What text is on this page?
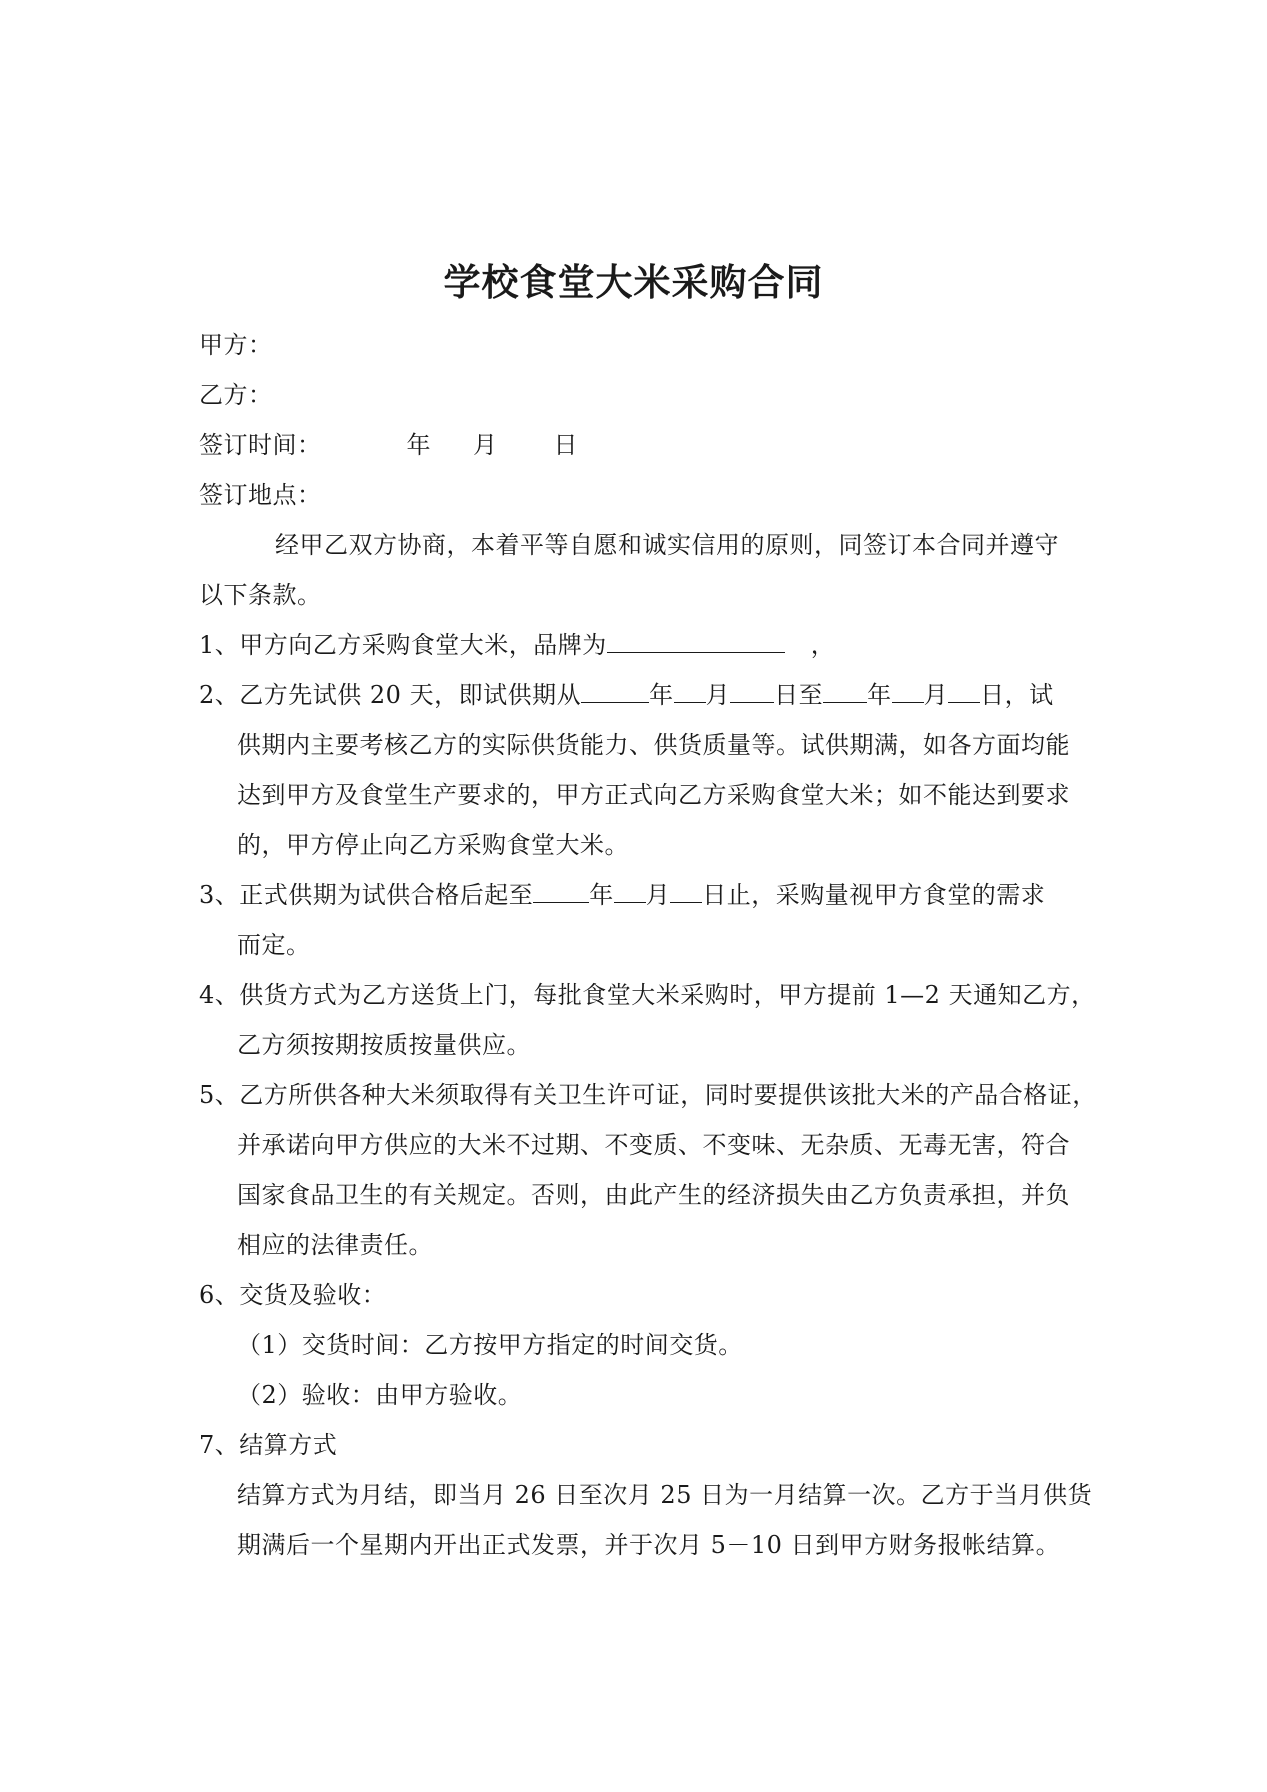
学校食堂大米采购合同
甲方：
乙方：
签订时间：	年 月 日
签订地点：
经甲乙双方协商，本着平等自愿和诚实信用的原则，同签订本合同并遵守
以下条款。
1、甲方向乙方采购食堂大米，品牌为	，
2、乙方先试供 20 天，即试供期从	年 月 日至 年 月 日，试
供期内主要考核乙方的实际供货能力、供货质量等。试供期满，如各方面均能
达到甲方及食堂生产要求的，甲方正式向乙方采购食堂大米；如不能达到要求
的，甲方停止向乙方采购食堂大米。
3、正式供期为试供合格后起至 年 月 日止，采购量视甲方食堂的需求
而定。
4、供货方式为乙方送货上门，每批食堂大米采购时，甲方提前 1—2 天通知乙方，
乙方须按期按质按量供应。
5、乙方所供各种大米须取得有关卫生许可证，同时要提供该批大米的产品合格证，
并承诺向甲方供应的大米不过期、不变质、不变味、无杂质、无毒无害，符合
国家食品卫生的有关规定。否则，由此产生的经济损失由乙方负责承担，并负
相应的法律责任。
6、交货及验收：
（1）交货时间：乙方按甲方指定的时间交货。
（2）验收：由甲方验收。
7、结算方式
结算方式为月结，即当月 26 日至次月 25 日为一月结算一次。乙方于当月供货
期满后一个星期内开出正式发票，并于次月 5－10 日到甲方财务报帐结算。
